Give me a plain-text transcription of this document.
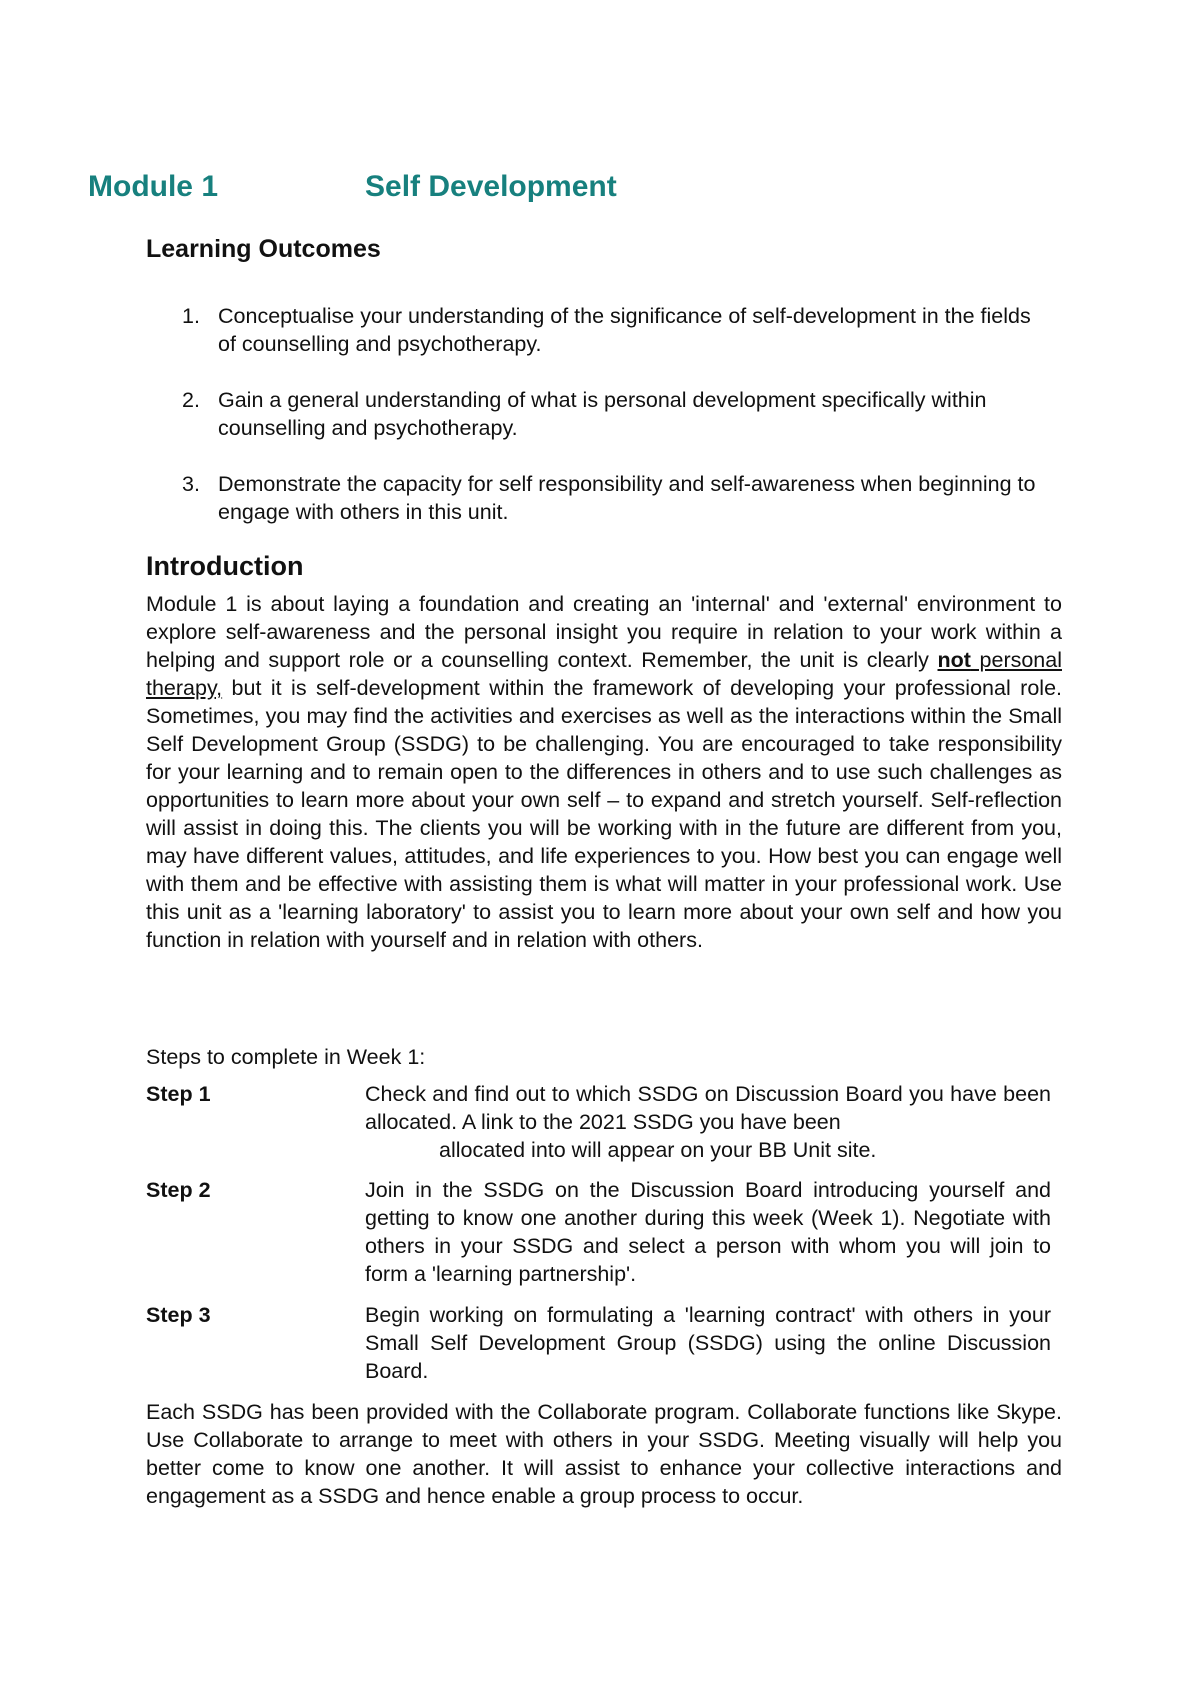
Module 1	Self Development
Learning Outcomes
1. Conceptualise your understanding of the significance of self-development in the fields of counselling and psychotherapy.
2. Gain a general understanding of what is personal development specifically within counselling and psychotherapy.
3. Demonstrate the capacity for self responsibility and self-awareness when beginning to engage with others in this unit.
Introduction

Module 1 is about laying a foundation and creating an 'internal' and 'external' environment to explore self-awareness and the personal insight you require in relation to your work within a helping and support role or a counselling context. Remember, the unit is clearly not personal therapy, but it is self-development within the framework of developing your professional role. Sometimes, you may find the activities and exercises as well as the interactions within the Small Self Development Group (SSDG) to be challenging. You are encouraged to take responsibility for your learning and to remain open to the differences in others and to use such challenges as opportunities to learn more about your own self – to expand and stretch yourself. Self-reflection will assist in doing this. The clients you will be working with in the future are different from you, may have different values, attitudes, and life experiences to you. How best you can engage well with them and be effective with assisting them is what will matter in your professional work. Use this unit as a 'learning laboratory' to assist you to learn more about your own self and how you function in relation with yourself and in relation with others.

Steps to complete in Week 1:

Step 1	Check and find out to which SSDG on Discussion Board you have been allocated. A link to the 2021 SSDG you have been
allocated into will appear on your BB Unit site.
Step 2	Join in the SSDG on the Discussion Board introducing yourself and getting to know one another during this week (Week 1). Negotiate with others in your SSDG and select a person with whom you will join to form a 'learning partnership'.
Step 3	Begin working on formulating a 'learning contract' with others in your Small Self Development Group (SSDG) using the online Discussion Board.

Each SSDG has been provided with the Collaborate program. Collaborate functions like Skype. Use Collaborate to arrange to meet with others in your SSDG. Meeting visually will help you better come to know one another. It will assist to enhance your collective interactions and engagement as a SSDG and hence enable a group process to occur.
